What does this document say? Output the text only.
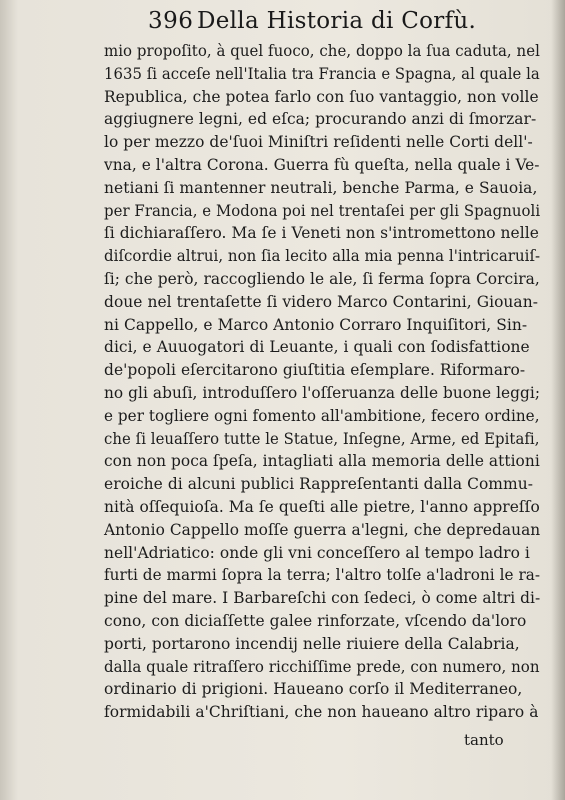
396 Della Historia di Corfù.
mio propoſito, à quel fuoco, che, doppo la ſua caduta, nel
1635 ſi acceſe nell'Italia tra Francia e Spagna, al quale la
Republica, che potea farlo con ſuo vantaggio, non volle
aggiugnere legni, ed eſca; procurando anzi di ſmorzar-
lo per mezzo de'ſuoi Miniſtri reſidenti nelle Corti dell'-
vna, e l'altra Corona. Guerra fù queſta, nella quale i Ve-
netiani ſi mantenner neutrali, benche Parma, e Sauoia,
per Francia, e Modona poi nel trentaſei per gli Spagnuoli
ſi dichiaraſſero. Ma ſe i Veneti non s'intromettono nelle
diſcordie altrui, non ſia lecito alla mia penna l'intricaruiſ-
ſi; che però, raccogliendo le ale, ſi ferma ſopra Corcira,
doue nel trentaſette ſi videro Marco Contarini, Giouan-
ni Cappello, e Marco Antonio Corraro Inquiſitori, Sin-
dici, e Auuogatori di Leuante, i quali con ſodisfattione
de'popoli eſercitarono giuſtitia eſemplare. Riformaro-
no gli abuſi, introduſſero l'oſſeruanza delle buone leggi;
e per togliere ogni fomento all'ambitione, fecero ordine,
che ſi leuaſſero tutte le Statue, Inſegne, Arme, ed Epitafi,
con non poca ſpeſa, intagliati alla memoria delle attioni
eroiche di alcuni publici Rappreſentanti dalla Commu-
nità oſſequioſa. Ma ſe queſti alle pietre, l'anno appreſſo
Antonio Cappello moſſe guerra a'legni, che depredauan
nell'Adriatico: onde gli vni conceſſero al tempo ladro i
furti de marmi ſopra la terra; l'altro tolſe a'ladroni le ra-
pine del mare. I Barbareſchi con ſedeci, ò come altri di-
cono, con diciaſſette galee rinforzate, vſcendo da'loro
porti, portarono incendij nelle riuiere della Calabria,
dalla quale ritraſſero ricchiſſime prede, con numero, non
ordinario di prigioni. Haueano corſo il Mediterraneo,
formidabili a'Chriſtiani, che non haueano altro riparo à
tanto
